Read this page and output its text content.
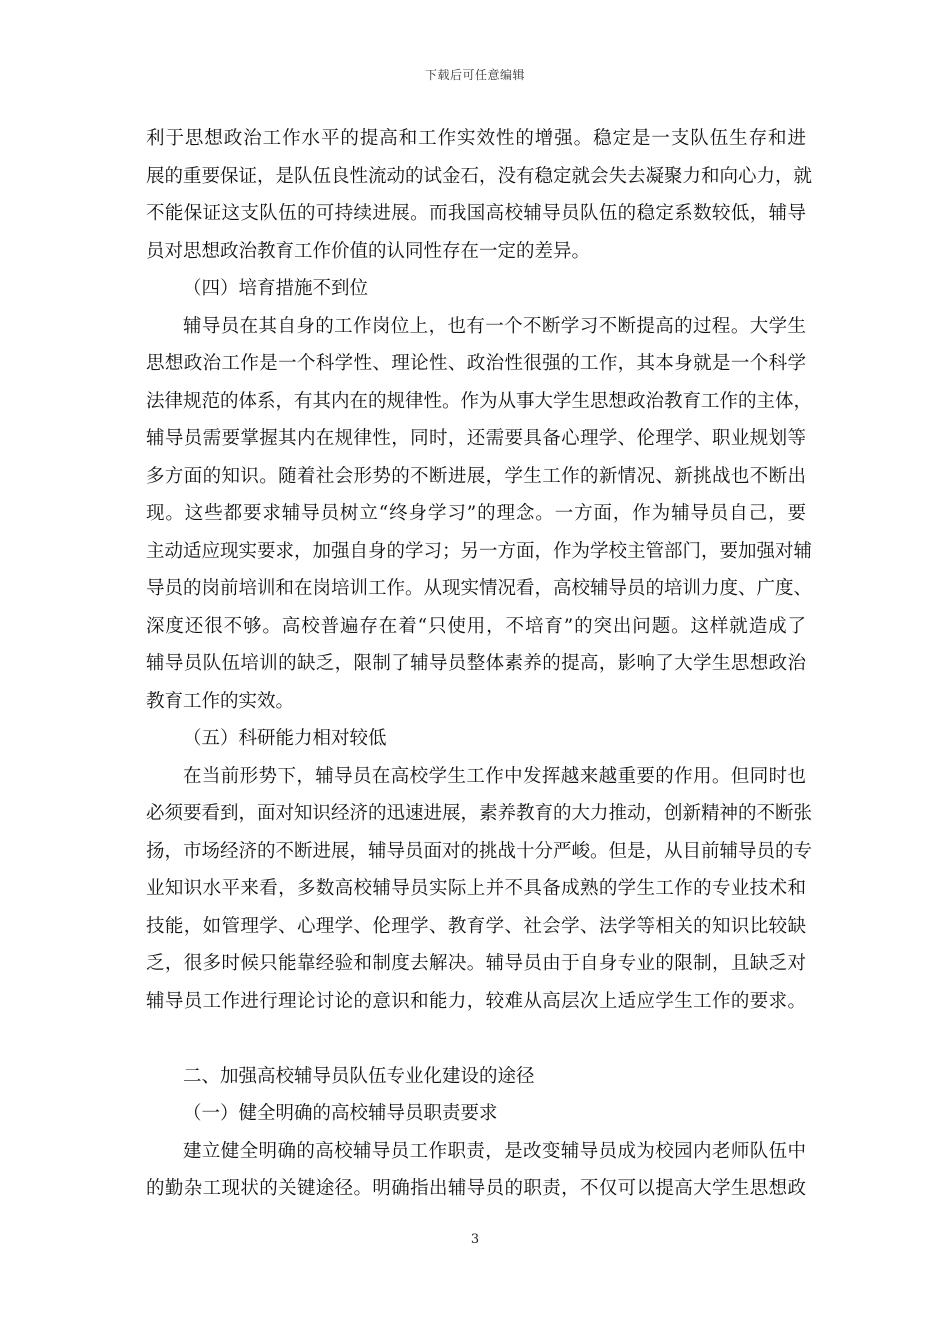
下载后可任意编辑
利于思想政治工作水平的提高和工作实效性的增强。稳定是一支队伍生存和进
展的重要保证，是队伍良性流动的试金石，没有稳定就会失去凝聚力和向心力，就
不能保证这支队伍的可持续进展。而我国高校辅导员队伍的稳定系数较低，辅导
员对思想政治教育工作价值的认同性存在一定的差异。
（四）培育措施不到位
辅导员在其自身的工作岗位上，也有一个不断学习不断提高的过程。大学生
思想政治工作是一个科学性、理论性、政治性很强的工作，其本身就是一个科学
法律规范的体系，有其内在的规律性。作为从事大学生思想政治教育工作的主体，
辅导员需要掌握其内在规律性，同时，还需要具备心理学、伦理学、职业规划等
多方面的知识。随着社会形势的不断进展，学生工作的新情况、新挑战也不断出
现。这些都要求辅导员树立“终身学习”的理念。一方面，作为辅导员自己，要
主动适应现实要求，加强自身的学习；另一方面，作为学校主管部门，要加强对辅
导员的岗前培训和在岗培训工作。从现实情况看，高校辅导员的培训力度、广度、
深度还很不够。高校普遍存在着“只使用，不培育”的突出问题。这样就造成了
辅导员队伍培训的缺乏，限制了辅导员整体素养的提高，影响了大学生思想政治
教育工作的实效。
（五）科研能力相对较低
在当前形势下，辅导员在高校学生工作中发挥越来越重要的作用。但同时也
必须要看到，面对知识经济的迅速进展，素养教育的大力推动，创新精神的不断张
扬，市场经济的不断进展，辅导员面对的挑战十分严峻。但是，从目前辅导员的专
业知识水平来看，多数高校辅导员实际上并不具备成熟的学生工作的专业技术和
技能，如管理学、心理学、伦理学、教育学、社会学、法学等相关的知识比较缺
乏，很多时候只能靠经验和制度去解决。辅导员由于自身专业的限制，且缺乏对
辅导员工作进行理论讨论的意识和能力，较难从高层次上适应学生工作的要求。
二、加强高校辅导员队伍专业化建设的途径
（一）健全明确的高校辅导员职责要求
建立健全明确的高校辅导员工作职责，是改变辅导员成为校园内老师队伍中
的勤杂工现状的关键途径。明确指出辅导员的职责，不仅可以提高大学生思想政
3
